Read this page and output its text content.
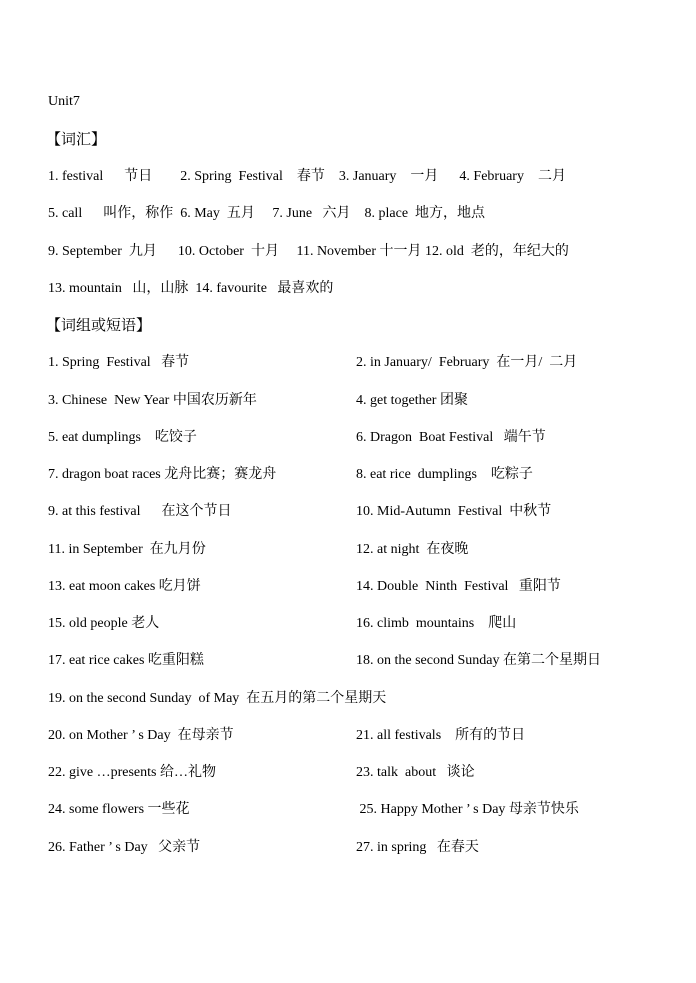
Unit7
【词汇】
1. festival      节日        2. Spring  Festival    春节    3. January    一月      4. February    二月
5. call      叫作，称作  6. May  五月     7. June   六月    8. place  地方，地点
9. September  九月      10. October  十月     11. November 十一月 12. old  老的，年纪大的
13. mountain   山，山脉  14. favourite   最喜欢的
【词组或短语】
1. Spring  Festival   春节	2. in January/  February  在一月/  二月
3. Chinese  New Year 中国农历新年	4. get together 团聚
5. eat dumplings    吃饺子	6. Dragon  Boat Festival   端午节
7. dragon boat races 龙舟比赛；赛龙舟	8. eat rice  dumplings    吃粽子
9. at this festival      在这个节日	10. Mid-Autumn  Festival  中秋节
11. in September  在九月份	12. at night  在夜晚
13. eat moon cakes 吃月饼	14. Double  Ninth  Festival   重阳节
15. old people 老人	16. climb  mountains    爬山
17. eat rice cakes 吃重阳糕	18. on the second Sunday 在第二个星期日
19. on the second Sunday  of May  在五月的第二个星期天
20. on Mother ’ s Day  在母亲节	21. all festivals    所有的节日
22. give …presents 给…礼物	23. talk  about   谈论
24. some flowers 一些花	25. Happy Mother ’ s Day 母亲节快乐
26. Father ’ s Day   父亲节	27. in spring   在春天
